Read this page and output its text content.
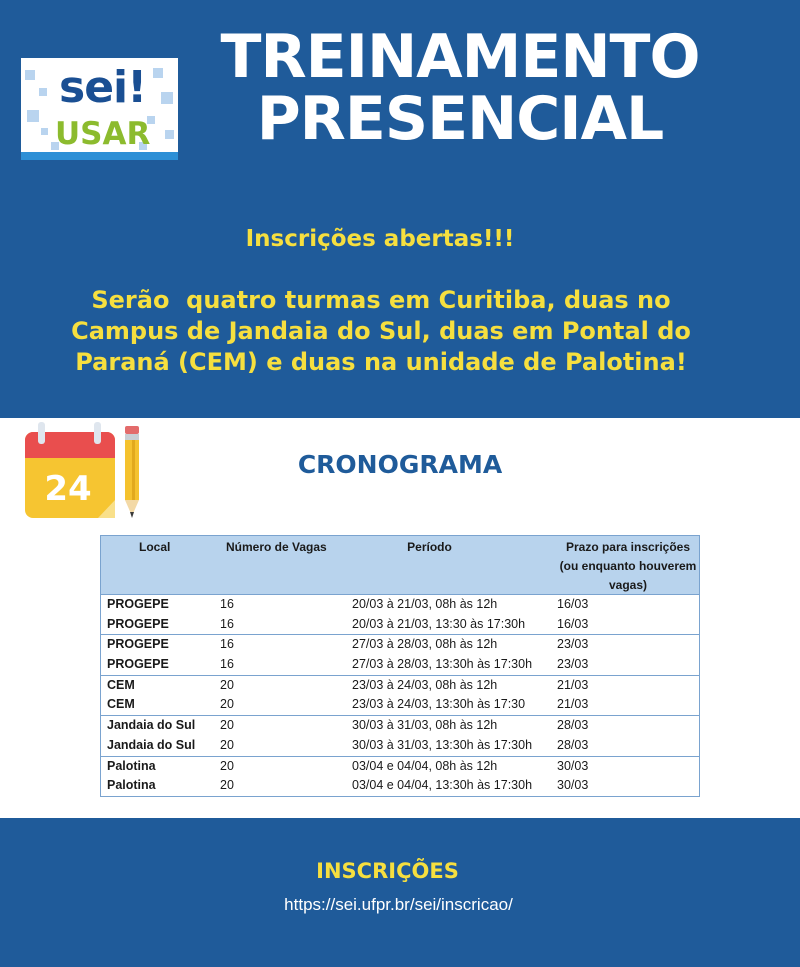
sei!
USAR
TREINAMENTO
PRESENCIAL
Inscrições abertas!!!
Serão  quatro turmas em Curitiba, duas no
Campus de Jandaia do Sul, duas em Pontal do
Paraná (CEM) e duas na unidade de Palotina!
24
CRONOGRAMA
Local	Número de Vagas	Período	Prazo para inscrições (ou enquanto houverem vagas)
PROGEPE	16	20/03 à 21/03, 08h às 12h	16/03
PROGEPE	16	20/03 à 21/03, 13:30 às 17:30h	16/03
PROGEPE	16	27/03 à 28/03, 08h às 12h	23/03
PROGEPE	16	27/03 à 28/03, 13:30h às 17:30h	23/03
CEM	20	23/03 à 24/03, 08h às 12h	21/03
CEM	20	23/03 à 24/03, 13:30h às 17:30	21/03
Jandaia do Sul	20	30/03 à 31/03, 08h às 12h	28/03
Jandaia do Sul	20	30/03 à 31/03, 13:30h às 17:30h	28/03
Palotina	20	03/04 e 04/04, 08h às 12h	30/03
Palotina	20	03/04 e 04/04, 13:30h às 17:30h	30/03
INSCRIÇÕES
https://sei.ufpr.br/sei/inscricao/
